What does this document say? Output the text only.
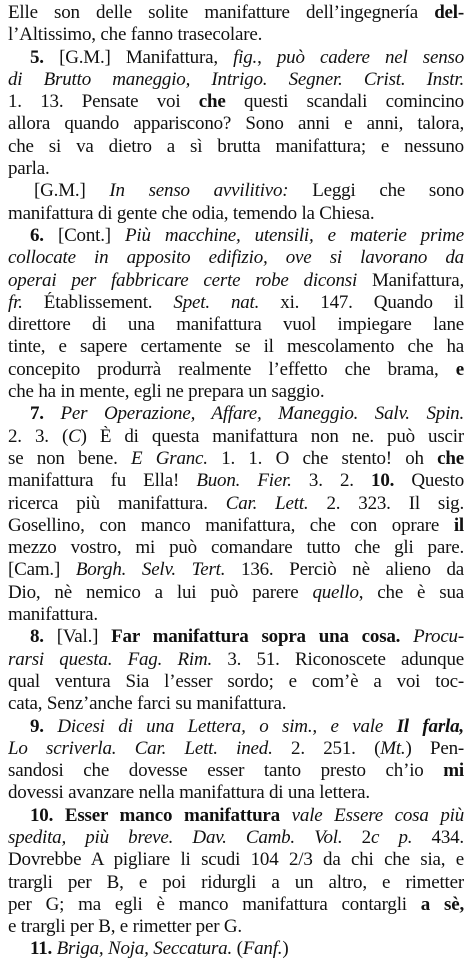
Elle son delle solite manifatture dell’ingegnería del-
l’Altissimo, che fanno trasecolare.
5. [G.M.] Manifattura, fig., può cadere nel senso
di Brutto maneggio, Intrigo. Segner. Crist. Instr.
1. 13. Pensate voi che questi scandali comincino
allora quando appariscono? Sono anni e anni, talora,
che si va dietro a sì brutta manifattura; e nessuno
parla.
[G.M.] In senso avvilitivo: Leggi che sono
manifattura di gente che odia, temendo la Chiesa.
6. [Cont.] Più macchine, utensili, e materie prime
collocate in apposito edifizio, ove si lavorano da
operai per fabbricare certe robe diconsi Manifattura,
fr. Établissement. Spet. nat. xi. 147. Quando il
direttore di una manifattura vuol impiegare lane
tinte, e sapere certamente se il mescolamento che ha
concepito produrrà realmente l’effetto che brama, e
che ha in mente, egli ne prepara un saggio.
7. Per Operazione, Affare, Maneggio. Salv. Spin.
2. 3. (C) È di questa manifattura non ne. può uscir
se non bene. E Granc. 1. 1. O che stento! oh che
manifattura fu Ella! Buon. Fier. 3. 2. 10. Questo
ricerca più manifattura. Car. Lett. 2. 323. Il sig.
Gosellino, con manco manifattura, che con oprare il
mezzo vostro, mi può comandare tutto che gli pare.
[Cam.] Borgh. Selv. Tert. 136. Perciò nè alieno da
Dio, nè nemico a lui può parere quello, che è sua
manifattura.
8. [Val.] Far manifattura sopra una cosa. Procu-
rarsi questa. Fag. Rim. 3. 51. Riconoscete adunque
qual ventura Sia l’esser sordo; e com’è a voi toc-
cata, Senz’anche farci su manifattura.
9. Dicesi di una Lettera, o sim., e vale Il farla,
Lo scriverla. Car. Lett. ined. 2. 251. (Mt.) Pen-
sandosi che dovesse esser tanto presto ch’io mi
dovessi avanzare nella manifattura di una lettera.
10. Esser manco manifattura vale Essere cosa più
spedita, più breve. Dav. Camb. Vol. 2c p. 434.
Dovrebbe A pigliare li scudi 104 2/3 da chi che sia, e
trargli per B, e poi ridurgli a un altro, e rimetter
per G; ma egli è manco manifattura contargli a sè,
e trargli per B, e rimetter per G.
11. Briga, Noja, Seccatura. (Fanf.)
